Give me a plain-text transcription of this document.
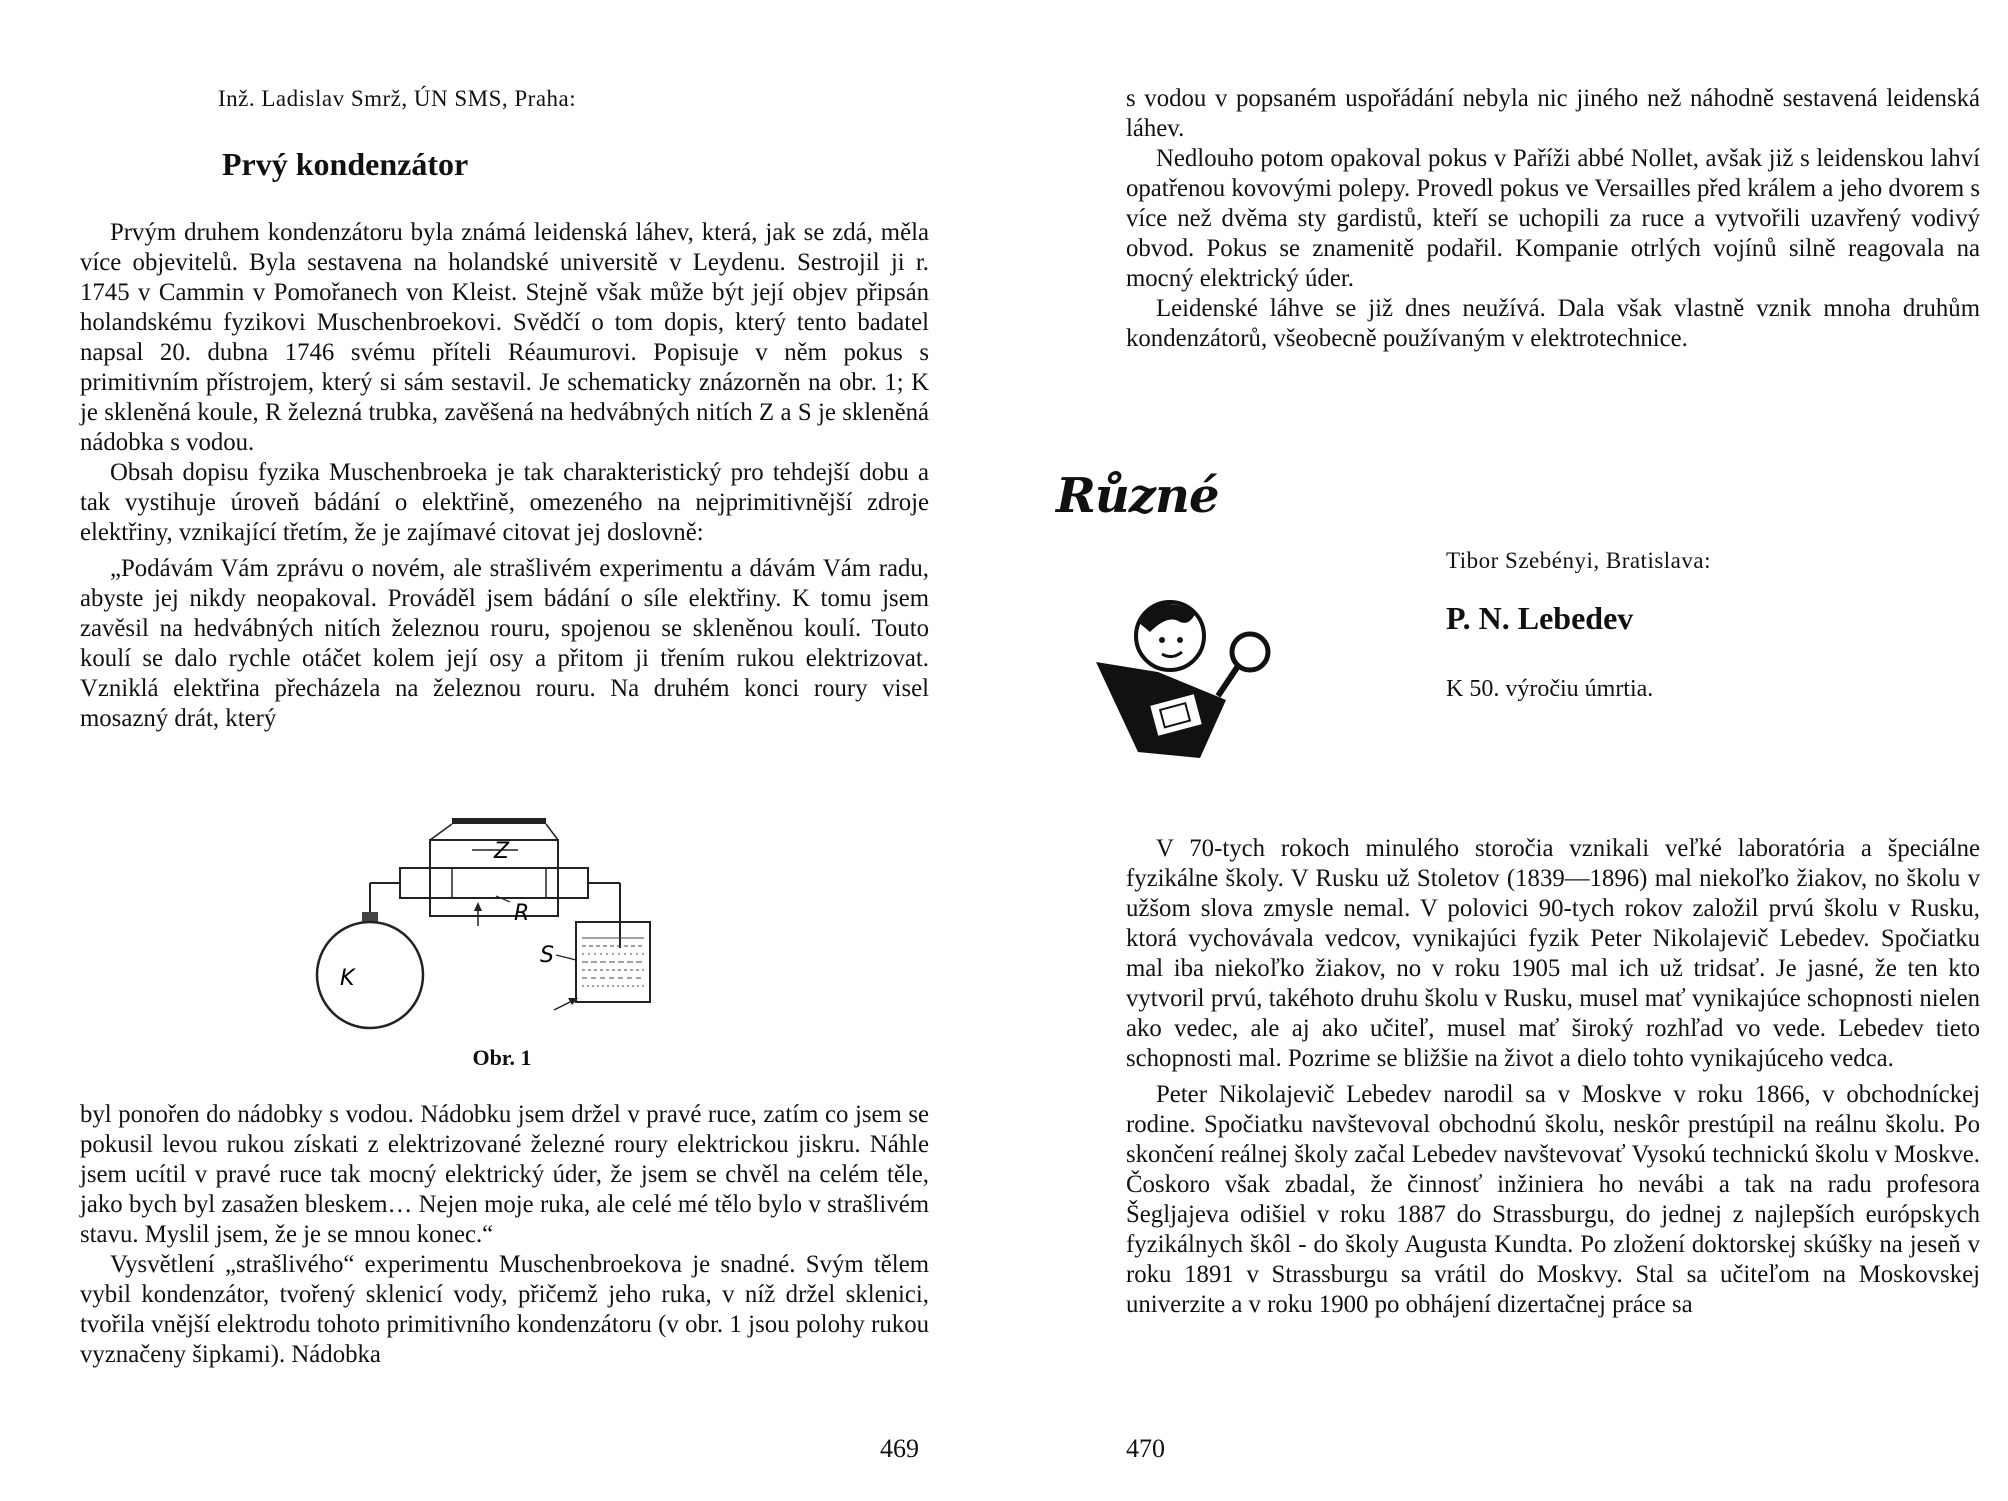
Inž. Ladislav Smrž, ÚN SMS, Praha:
Prvý kondenzátor

Prvým druhem kondenzátoru byla známá leidenská láhev, která, jak se zdá, měla více objevitelů. Byla sestavena na holandské universitě v Leydenu. Sestrojil ji r. 1745 v Cammin v Pomořanech von Kleist. Stejně však může být její objev připsán holandskému fyzikovi Muschenbroekovi. Svědčí o tom dopis, který tento badatel napsal 20. dubna 1746 svému příteli Réaumurovi. Popisuje v něm pokus s primitivním přístrojem, který si sám sestavil. Je schematicky znázorněn na obr. 1; K je skleněná koule, R železná trubka, zavěšená na hedvábných nitích Z a S je skleněná nádobka s vodou.

Obsah dopisu fyzika Muschenbroeka je tak charakteristický pro tehdejší dobu a tak vystihuje úroveň bádání o elektřině, omezeného na nejprimitivnější zdroje elektřiny, vznikající třetím, že je zajímavé citovat jej doslovně:

„Podávám Vám zprávu o novém, ale strašlivém experimentu a dávám Vám radu, abyste jej nikdy neopakoval. Prováděl jsem bádání o síle elektřiny. K tomu jsem zavěsil na hedvábných nitích železnou rouru, spojenou se skleněnou koulí. Touto koulí se dalo rychle otáčet kolem její osy a přitom ji třením rukou elektrizovat. Vzniklá elektřina přecházela na železnou rouru. Na druhém konci roury visel mosazný drát, který

Z
R
K
S
Obr. 1

byl ponořen do nádobky s vodou. Nádobku jsem držel v pravé ruce, zatím co jsem se pokusil levou rukou získati z elektrizované železné roury elektrickou jiskru. Náhle jsem ucítil v pravé ruce tak mocný elektrický úder, že jsem se chvěl na celém těle, jako bych byl zasažen bleskem… Nejen moje ruka, ale celé mé tělo bylo v strašlivém stavu. Myslil jsem, že je se mnou konec.“

Vysvětlení „strašlivého“ experimentu Muschenbroekova je snadné. Svým tělem vybil kondenzátor, tvořený sklenicí vody, přičemž jeho ruka, v níž držel sklenici, tvořila vnější elektrodu tohoto primitivního kondenzátoru (v obr. 1 jsou polohy rukou vyznačeny šipkami). Nádobka

469

s vodou v popsaném uspořádání nebyla nic jiného než náhodně sestavená leidenská láhev.

Nedlouho potom opakoval pokus v Paříži abbé Nollet, avšak již s leidenskou lahví opatřenou kovovými polepy. Provedl pokus ve Versailles před králem a jeho dvorem s více než dvěma sty gardistů, kteří se uchopili za ruce a vytvořili uzavřený vodivý obvod. Pokus se znamenitě podařil. Kompanie otrlých vojínů silně reagovala na mocný elektrický úder.

Leidenské láhve se již dnes neužívá. Dala však vlastně vznik mnoha druhům kondenzátorů, všeobecně používaným v elektrotechnice.

Různé
Tibor Szebényi, Bratislava:
P. N. Lebedev
K 50. výročiu úmrtia.

V 70-tych rokoch minulého storočia vznikali veľké laboratória a špeciálne fyzikálne školy. V Rusku už Stoletov (1839—1896) mal niekoľko žiakov, no školu v užšom slova zmysle nemal. V polovici 90-tych rokov založil prvú školu v Rusku, ktorá vychovávala vedcov, vynikajúci fyzik Peter Nikolajevič Lebedev. Spočiatku mal iba niekoľko žiakov, no v roku 1905 mal ich už tridsať. Je jasné, že ten kto vytvoril prvú, takéhoto druhu školu v Rusku, musel mať vynikajúce schopnosti nielen ako vedec, ale aj ako učiteľ, musel mať široký rozhľad vo vede. Lebedev tieto schopnosti mal. Pozrime se bližšie na život a dielo tohto vynikajúceho vedca.

Peter Nikolajevič Lebedev narodil sa v Moskve v roku 1866, v obchodníckej rodine. Spočiatku navštevoval obchodnú školu, neskôr prestúpil na reálnu školu. Po skončení reálnej školy začal Lebedev navštevovať Vysokú technickú školu v Moskve. Čoskoro však zbadal, že činnosť inžiniera ho nevábi a tak na radu profesora Šegljajeva odišiel v roku 1887 do Strassburgu, do jednej z najlepších európskych fyzikálnych škôl - do školy Augusta Kundta. Po zložení doktorskej skúšky na jeseň v roku 1891 v Strassburgu sa vrátil do Moskvy. Stal sa učiteľom na Moskovskej univerzite a v roku 1900 po obhájení dizertačnej práce sa

470
